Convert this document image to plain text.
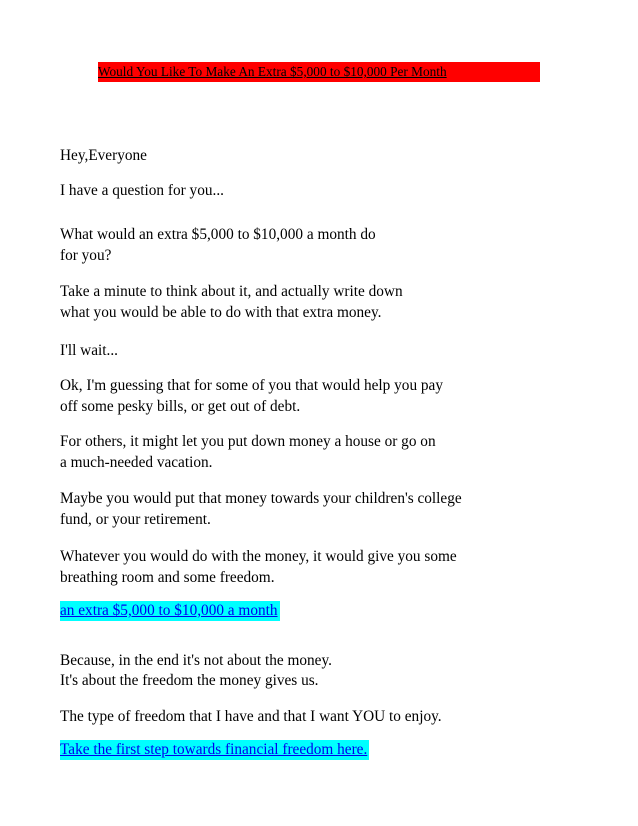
Would You Like To Make An Extra $5,000 to $10,000 Per Month
Hey,Everyone
I have a question for you...
What would an extra $5,000 to $10,000 a month do
for you?
Take a minute to think about it, and actually write down
what you would be able to do with that extra money.
I'll wait...
Ok, I'm guessing that for some of you that would help you pay
off some pesky bills, or get out of debt.
For others, it might let you put down money a house or go on
a much-needed vacation.
Maybe you would put that money towards your children's college
fund, or your retirement.
Whatever you would do with the money, it would give you some
breathing room and some freedom.
an extra $5,000 to $10,000 a month
Because, in the end it's not about the money.
It's about the freedom the money gives us.
The type of freedom that I have and that I want YOU to enjoy.
Take the first step towards financial freedom here.
